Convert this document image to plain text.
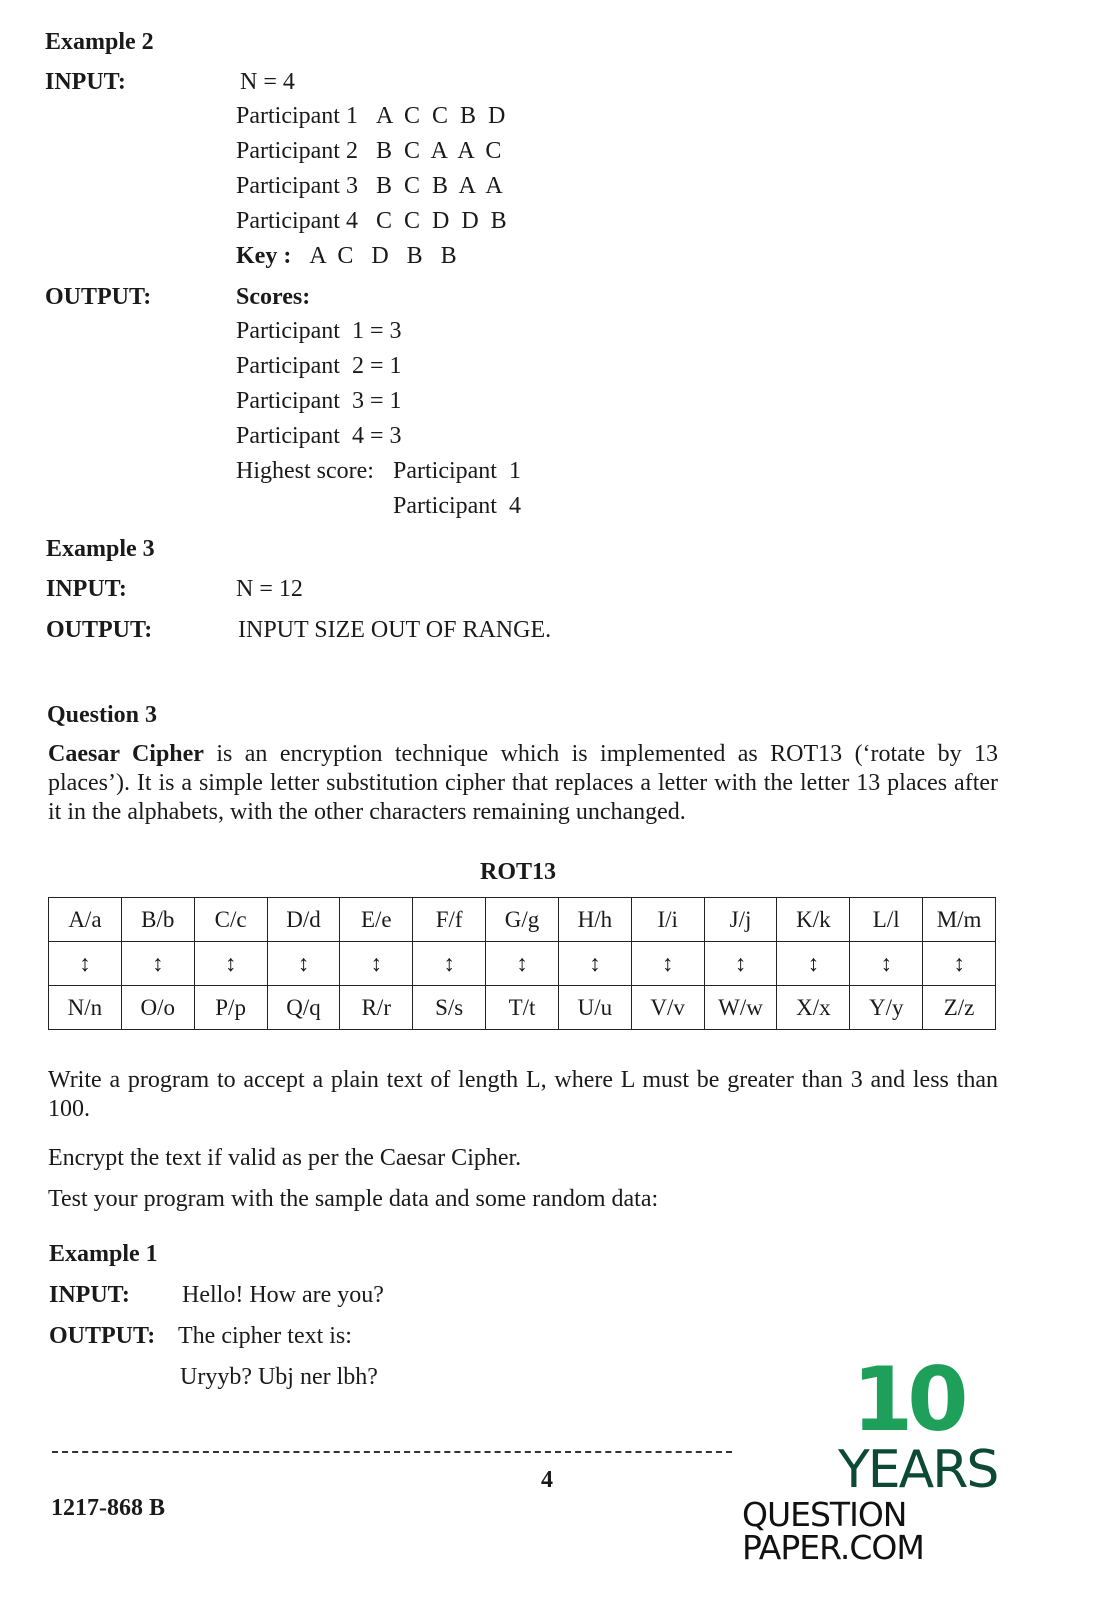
Example 2
INPUT:	N = 4
Participant 1 A  C  C  B  D
Participant 2 B  C  A  A  C
Participant 3 B  C  B  A  A
Participant 4 C  C  D  D  B
Key : A  C   D   B   B
OUTPUT:	Scores:
Participant  1 = 3
Participant  2 = 1
Participant  3 = 1
Participant  4 = 3
Highest score: Participant  1
Participant  4
Example 3
INPUT:	N = 12
OUTPUT:	INPUT SIZE OUT OF RANGE.
Question 3
Caesar Cipher is an encryption technique which is implemented as ROT13 (‘rotate by 13 places’). It is a simple letter substitution cipher that replaces a letter with the letter 13 places after it in the alphabets, with the other characters remaining unchanged.
ROT13
A/a	B/b	C/c	D/d	E/e	F/f	G/g	H/h	I/i	J/j	K/k	L/l	M/m
↕	↕	↕	↕	↕	↕	↕	↕	↕	↕	↕	↕	↕
N/n	O/o	P/p	Q/q	R/r	S/s	T/t	U/u	V/v	W/w	X/x	Y/y	Z/z
Write a program to accept a plain text of length L, where L must be greater than 3 and less than 100.
Encrypt the text if valid as per the Caesar Cipher.
Test your program with the sample data and some random data:
Example 1
INPUT: Hello! How are you?
OUTPUT: The cipher text is:
Uryyb? Ubj ner lbh?
4
1217-868 B
10
YEARS
QUESTION PAPER.COM
